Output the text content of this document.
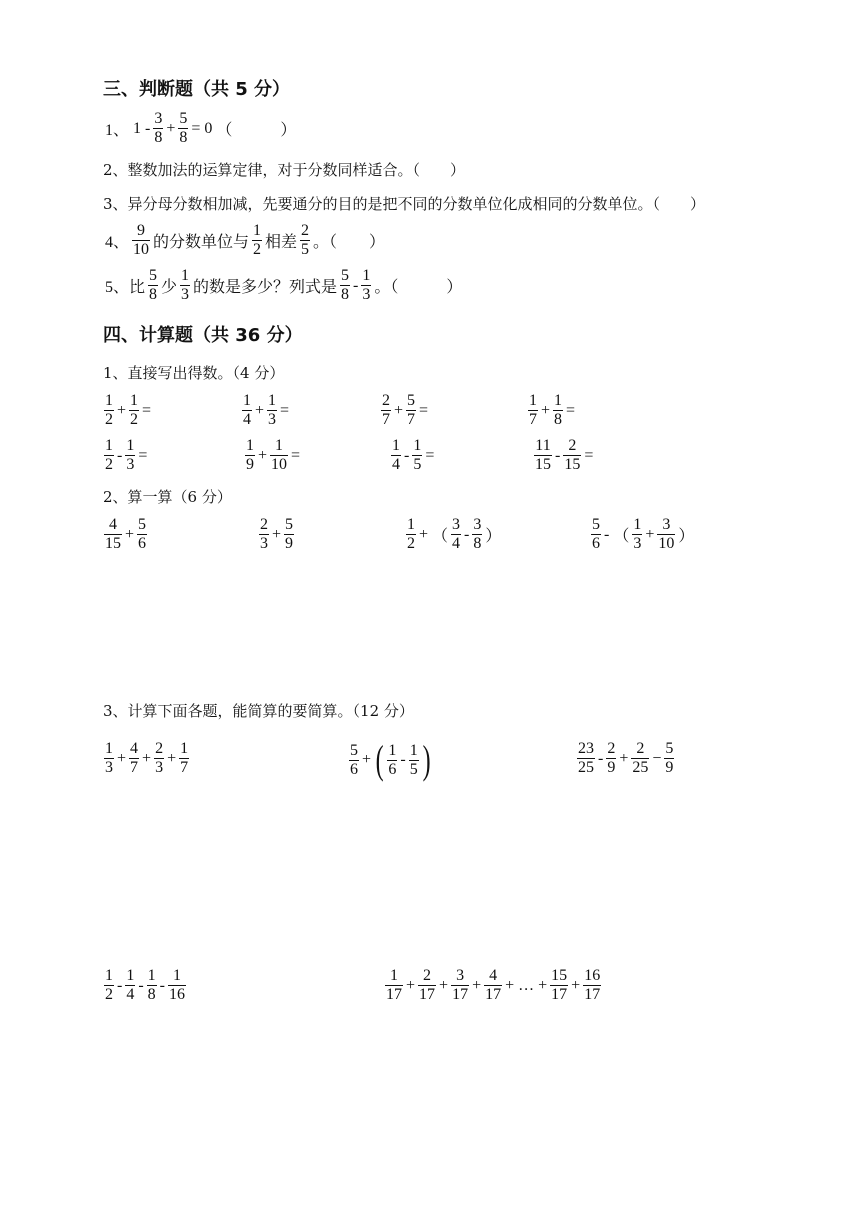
三、判断题（共 5 分）
1、 $1 - \frac{3}{8} + \frac{5}{8} = 0$ （　　　）
2、整数加法的运算定律，对于分数同样适合。（　　）
3、异分母分数相加减，先要通分的目的是把不同的分数单位化成相同的分数单位。（　　）
4、 $\frac{9}{10}$ 的分数单位与 $\frac{1}{2}$ 相差 $\frac{2}{5}$ 。（　　）
5、比 $\frac{5}{8}$ 少 $\frac{1}{3}$ 的数是多少？列式是 $\frac{5}{8} - \frac{1}{3}$ 。（　　　）
四、计算题（共 36 分）
1、直接写出得数。（4 分）
$\frac{1}{2} + \frac{1}{2}$ =	$\frac{1}{4} + \frac{1}{3}$ =	$\frac{2}{7} + \frac{5}{7}$ =	$\frac{1}{7} + \frac{1}{8}$ =
$\frac{1}{2} - \frac{1}{3}$ =	$\frac{1}{9} + \frac{1}{10}$ =	$\frac{1}{4} - \frac{1}{5}$ =	$\frac{11}{15} - \frac{2}{15}$ =
2、算一算（6 分）
$\frac{4}{15} + \frac{5}{6}$	$\frac{2}{3} + \frac{5}{9}$	$\frac{1}{2}$ + （ $\frac{3}{4} - \frac{3}{8}$ ）	$\frac{5}{6}$ - （ $\frac{1}{3} + \frac{3}{10}$ ）
3、计算下面各题，能简算的要简算。（12 分）
$\frac{1}{3} + \frac{4}{7} + \frac{2}{3} + \frac{1}{7}$	$\frac{5}{6}$ + ( $\frac{1}{6} - \frac{1}{5}$ )	$\frac{23}{25} - \frac{2}{9} + \frac{2}{25} - \frac{5}{9}$
$\frac{1}{2} - \frac{1}{4} - \frac{1}{8} - \frac{1}{16}$	$\frac{1}{17} + \frac{2}{17} + \frac{3}{17} + \frac{4}{17}$ + … + $\frac{15}{17} + \frac{16}{17}$
